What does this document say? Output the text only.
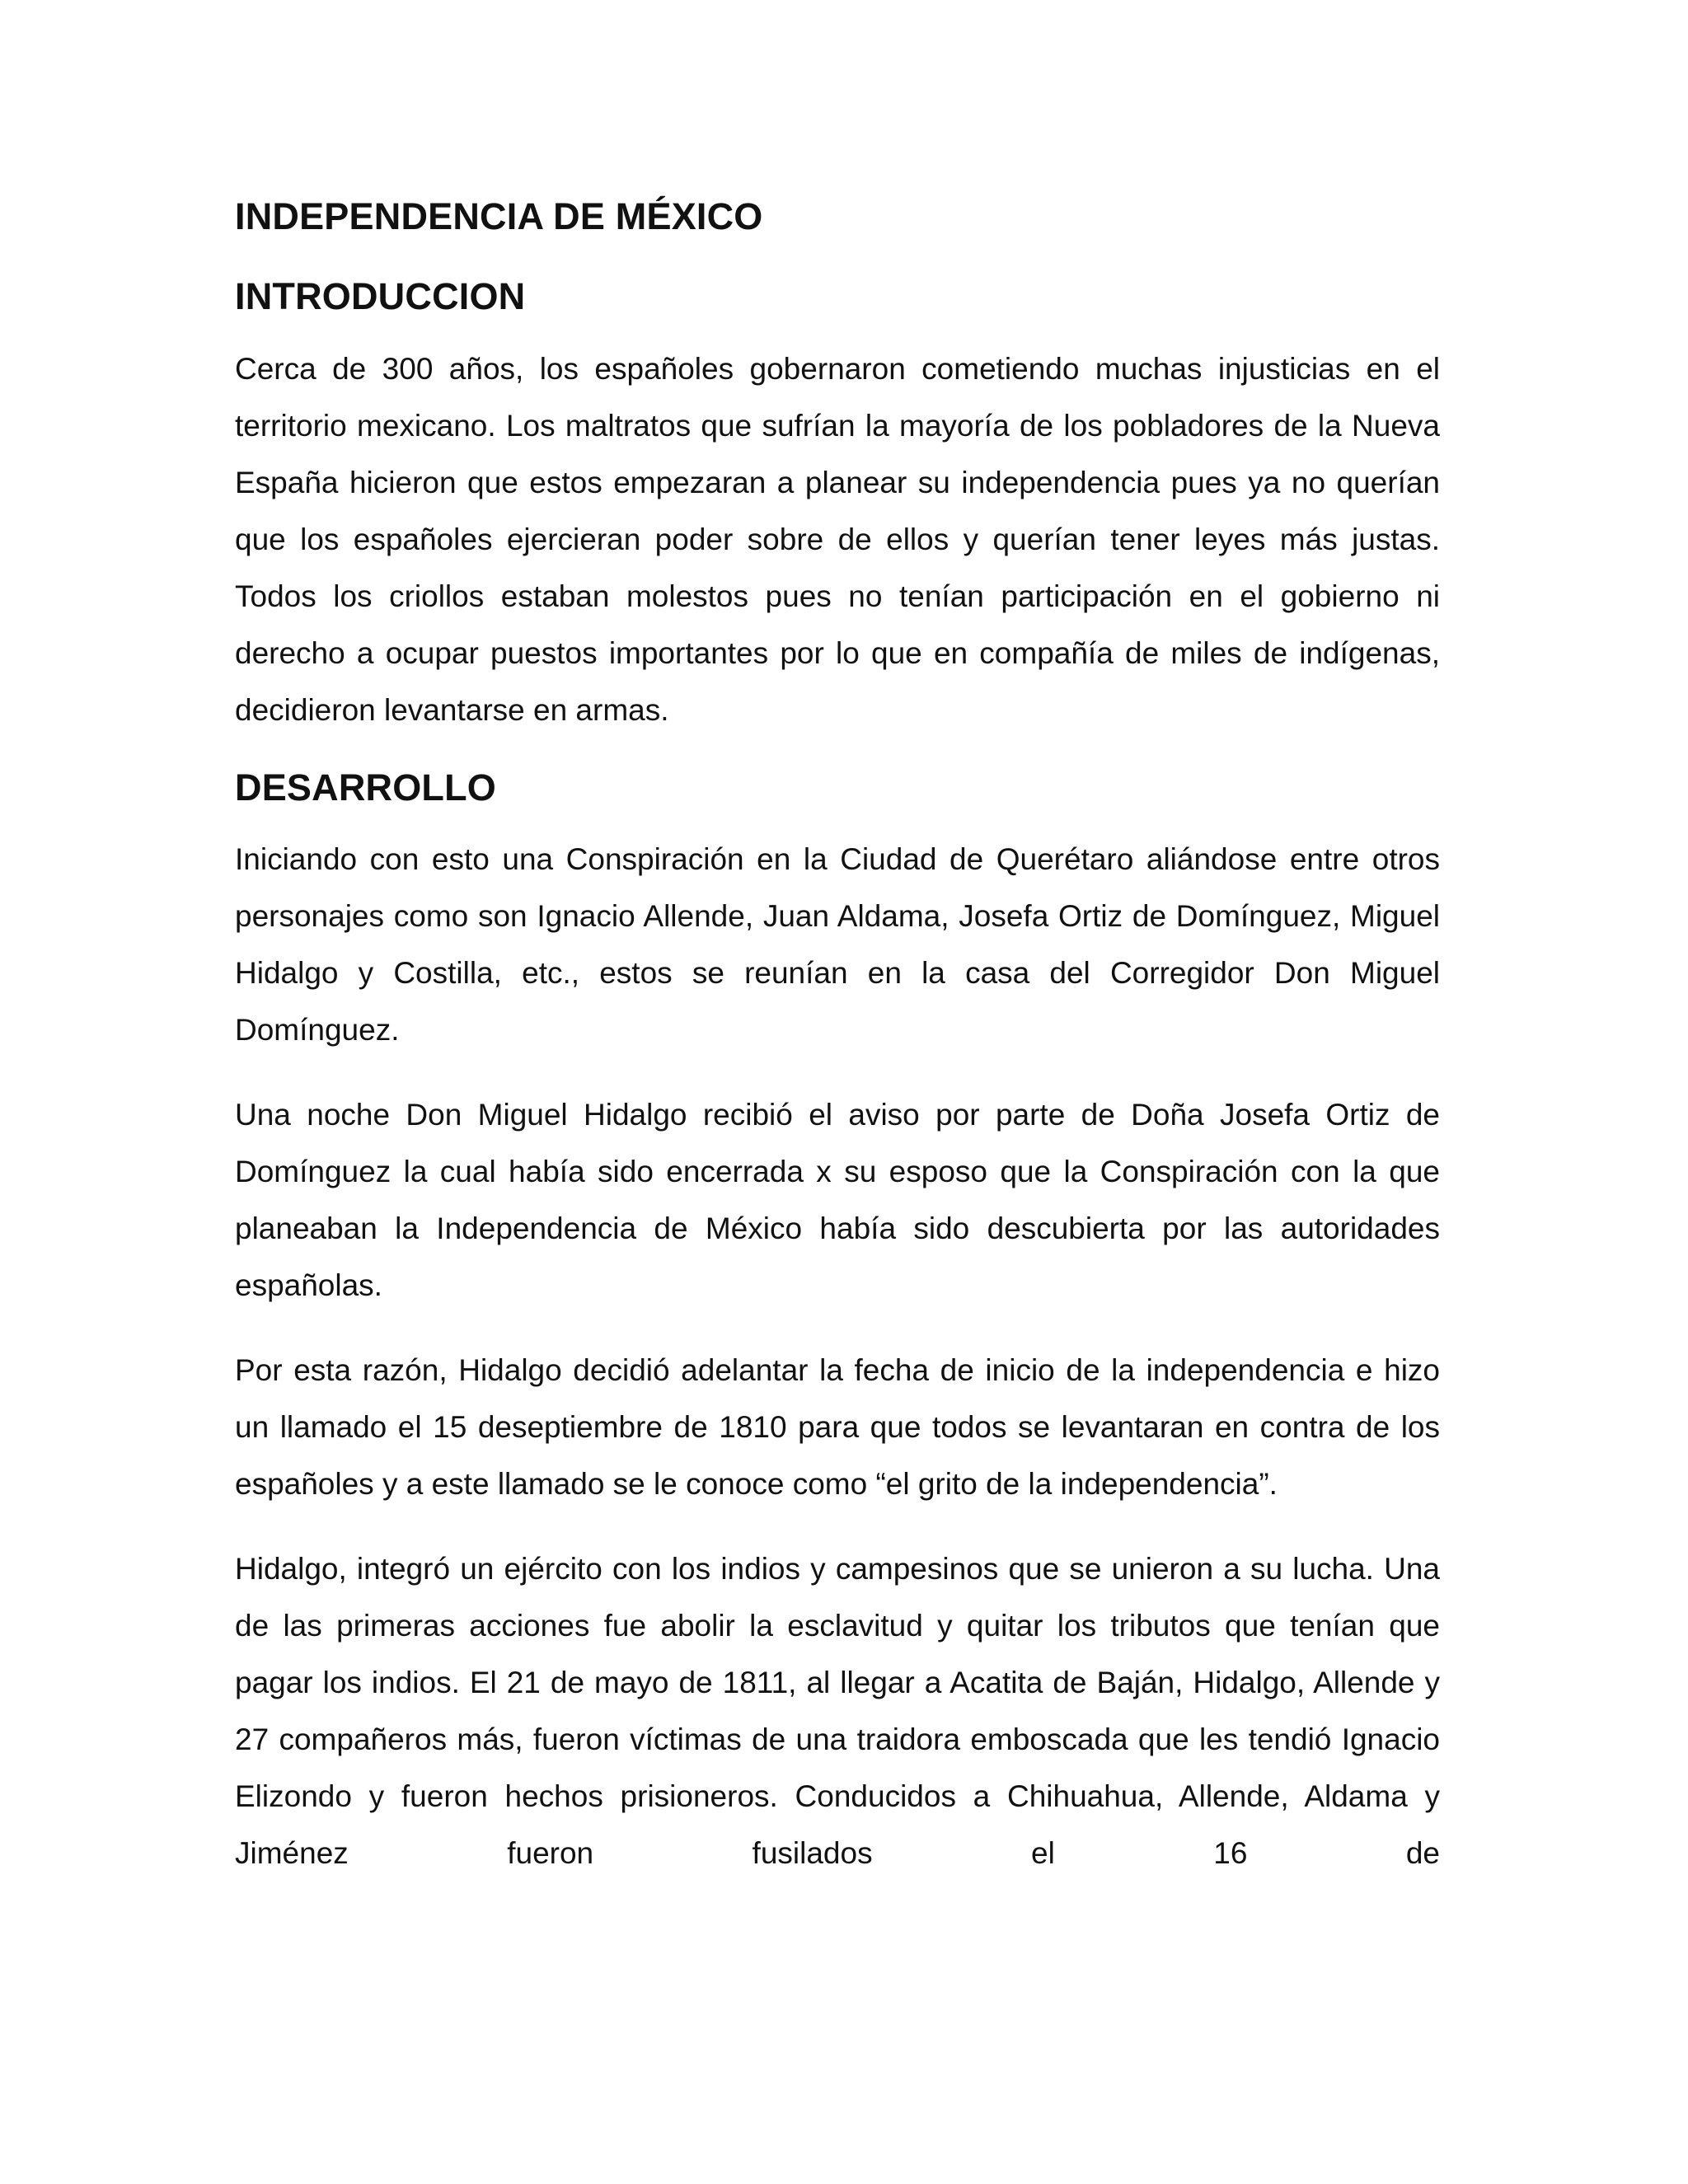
INDEPENDENCIA DE MÉXICO
INTRODUCCION

Cerca de 300 años, los españoles gobernaron cometiendo muchas injusticias en el territorio mexicano. Los maltratos que sufrían la mayoría de los pobladores de la Nueva España hicieron que estos empezaran a planear su independencia pues ya no querían que los españoles ejercieran poder sobre de ellos y querían tener leyes más justas. Todos los criollos estaban molestos pues no tenían participación en el gobierno ni derecho a ocupar puestos importantes por lo que en compañía de miles de indígenas, decidieron levantarse en armas.

DESARROLLO

Iniciando con esto una Conspiración en la Ciudad de Querétaro aliándose entre otros personajes como son Ignacio Allende, Juan Aldama, Josefa Ortiz de Domínguez, Miguel Hidalgo y Costilla, etc., estos se reunían en la casa del Corregidor Don Miguel Domínguez.

Una noche Don Miguel Hidalgo recibió el aviso por parte de Doña Josefa Ortiz de Domínguez la cual había sido encerrada x su esposo que la Conspiración con la que planeaban la Independencia de México había sido descubierta por las autoridades españolas.

Por esta razón, Hidalgo decidió adelantar la fecha de inicio de la independencia e hizo un llamado el 15 deseptiembre de 1810 para que todos se levantaran en contra de los españoles y a este llamado se le conoce como “el grito de la independencia”.

Hidalgo, integró un ejército con los indios y campesinos que se unieron a su lucha. Una de las primeras acciones fue abolir la esclavitud y quitar los tributos que tenían que pagar los indios. El 21 de mayo de 1811, al llegar a Acatita de Baján, Hidalgo, Allende y 27 compañeros más, fueron víctimas de una traidora emboscada que les tendió Ignacio Elizondo y fueron hechos prisioneros. Conducidos a Chihuahua, Allende, Aldama y Jiménez fueron fusilados el 16 de
